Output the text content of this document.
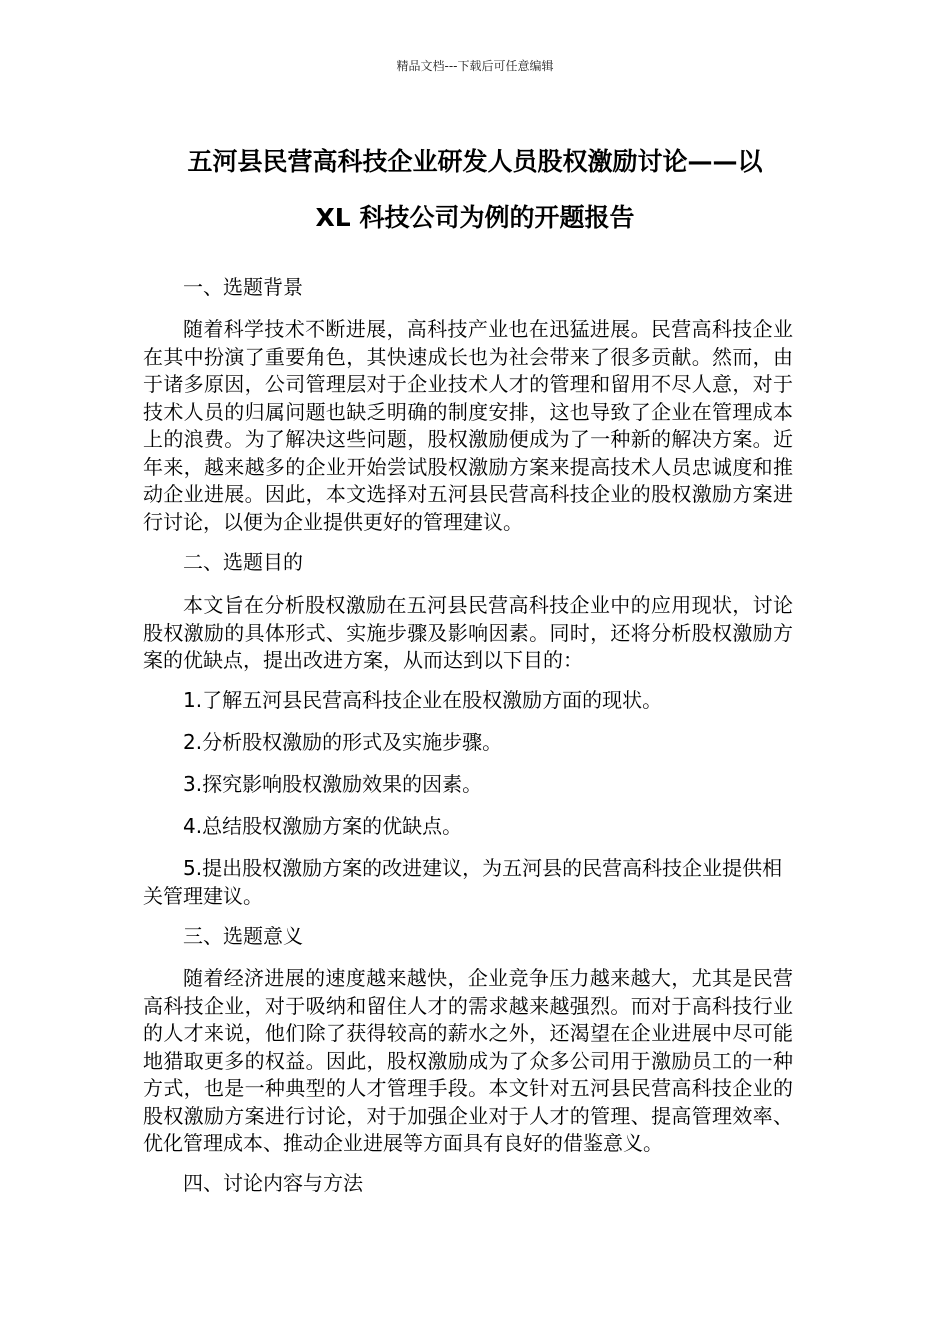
精品文档---下载后可任意编辑
五河县民营高科技企业研发人员股权激励讨论——以
XL 科技公司为例的开题报告

一、选题背景

随着科学技术不断进展，高科技产业也在迅猛进展。民营高科技企业在其中扮演了重要角色，其快速成长也为社会带来了很多贡献。然而，由于诸多原因，公司管理层对于企业技术人才的管理和留用不尽人意，对于技术人员的归属问题也缺乏明确的制度安排，这也导致了企业在管理成本上的浪费。为了解决这些问题，股权激励便成为了一种新的解决方案。近年来，越来越多的企业开始尝试股权激励方案来提高技术人员忠诚度和推动企业进展。因此，本文选择对五河县民营高科技企业的股权激励方案进行讨论，以便为企业提供更好的管理建议。

二、选题目的

本文旨在分析股权激励在五河县民营高科技企业中的应用现状，讨论股权激励的具体形式、实施步骤及影响因素。同时，还将分析股权激励方案的优缺点，提出改进方案，从而达到以下目的：

1.了解五河县民营高科技企业在股权激励方面的现状。

2.分析股权激励的形式及实施步骤。

3.探究影响股权激励效果的因素。

4.总结股权激励方案的优缺点。

5.提出股权激励方案的改进建议，为五河县的民营高科技企业提供相关管理建议。

三、选题意义

随着经济进展的速度越来越快，企业竞争压力越来越大，尤其是民营高科技企业，对于吸纳和留住人才的需求越来越强烈。而对于高科技行业的人才来说，他们除了获得较高的薪水之外，还渴望在企业进展中尽可能地猎取更多的权益。因此，股权激励成为了众多公司用于激励员工的一种方式，也是一种典型的人才管理手段。本文针对五河县民营高科技企业的股权激励方案进行讨论，对于加强企业对于人才的管理、提高管理效率、优化管理成本、推动企业进展等方面具有良好的借鉴意义。

四、讨论内容与方法
